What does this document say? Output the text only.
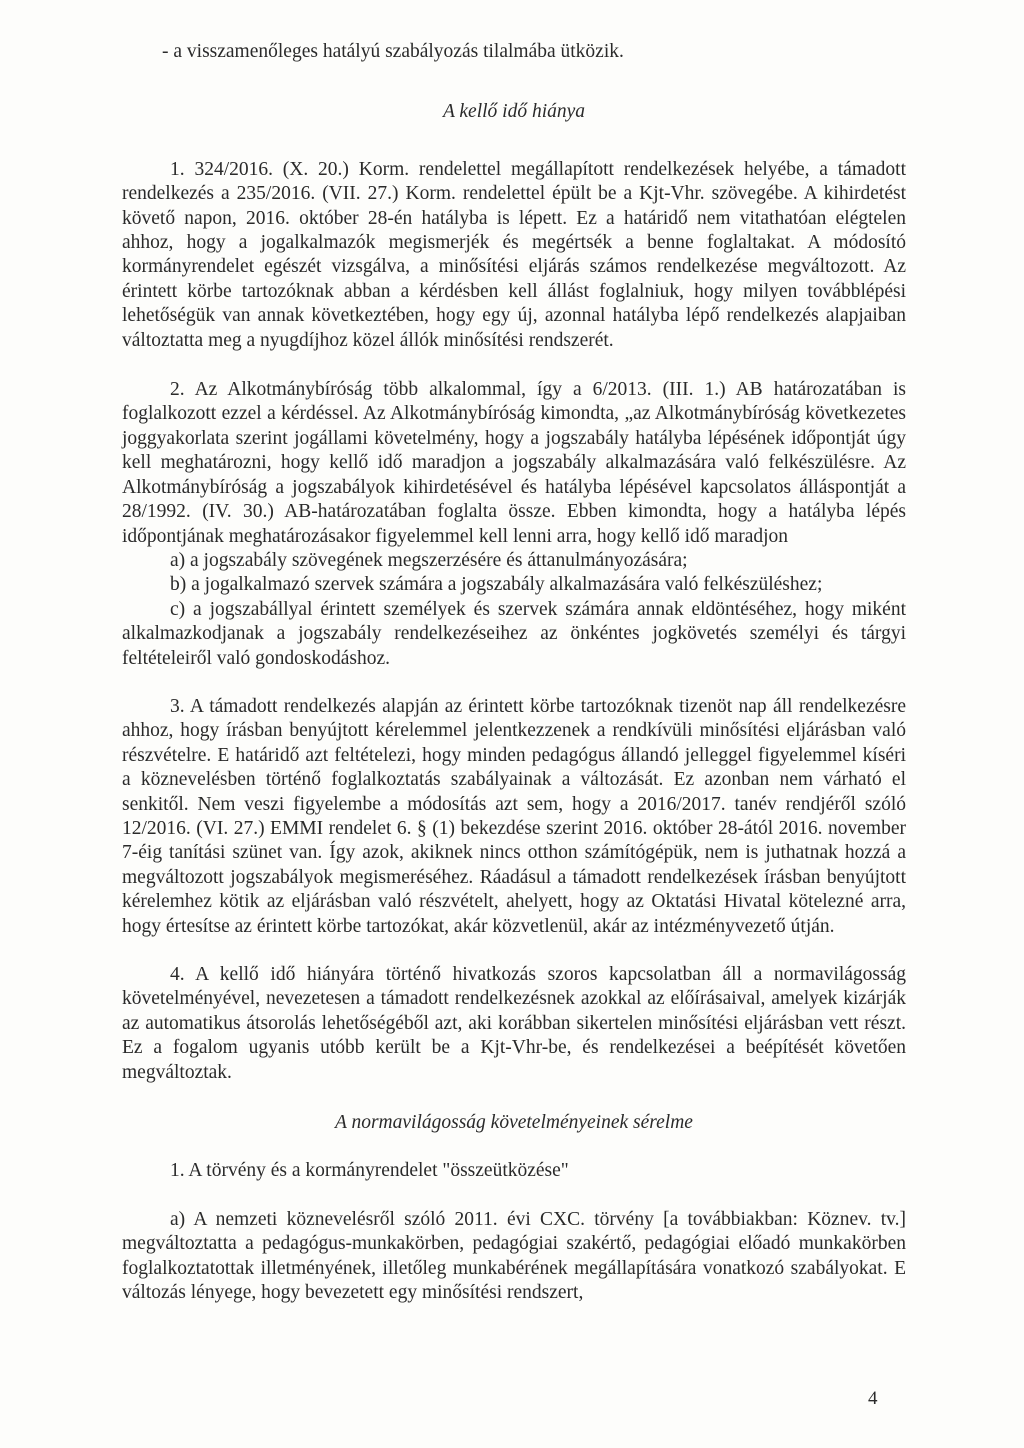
- a visszamenőleges hatályú szabályozás tilalmába ütközik.

A kellő idő hiánya

1. 324/2016. (X. 20.) Korm. rendelettel megállapított rendelkezések helyébe, a támadott rendelkezés a 235/2016. (VII. 27.) Korm. rendelettel épült be a Kjt-Vhr. szövegébe. A kihirdetést követő napon, 2016. október 28-én hatályba is lépett. Ez a határidő nem vitathatóan elégtelen ahhoz, hogy a jogalkalmazók megismerjék és megértsék a benne foglaltakat. A módosító kormányrendelet egészét vizsgálva, a minősítési eljárás számos rendelkezése megváltozott. Az érintett körbe tartozóknak abban a kérdésben kell állást foglalniuk, hogy milyen továbblépési lehetőségük van annak következtében, hogy egy új, azonnal hatályba lépő rendelkezés alapjaiban változtatta meg a nyugdíjhoz közel állók minősítési rendszerét.

2. Az Alkotmánybíróság több alkalommal, így a 6/2013. (III. 1.) AB határozatában is foglalkozott ezzel a kérdéssel. Az Alkotmánybíróság kimondta, „az Alkotmánybíróság következetes joggyakorlata szerint jogállami követelmény, hogy a jogszabály hatályba lépésének időpontját úgy kell meghatározni, hogy kellő idő maradjon a jogszabály alkalmazására való felkészülésre. Az Alkotmánybíróság a jogszabályok kihirdetésével és hatályba lépésével kapcsolatos álláspontját a 28/1992. (IV. 30.) AB-határozatában foglalta össze. Ebben kimondta, hogy a hatályba lépés időpontjának meghatározásakor figyelemmel kell lenni arra, hogy kellő idő maradjon

a) a jogszabály szövegének megszerzésére és áttanulmányozására;

b) a jogalkalmazó szervek számára a jogszabály alkalmazására való felkészüléshez;

c) a jogszabállyal érintett személyek és szervek számára annak eldöntéséhez, hogy miként alkalmazkodjanak a jogszabály rendelkezéseihez az önkéntes jogkövetés személyi és tárgyi feltételeiről való gondoskodáshoz.

3. A támadott rendelkezés alapján az érintett körbe tartozóknak tizenöt nap áll rendelkezésre ahhoz, hogy írásban benyújtott kérelemmel jelentkezzenek a rendkívüli minősítési eljárásban való részvételre. E határidő azt feltételezi, hogy minden pedagógus állandó jelleggel figyelemmel kíséri a köznevelésben történő foglalkoztatás szabályainak a változását. Ez azonban nem várható el senkitől. Nem veszi figyelembe a módosítás azt sem, hogy a 2016/2017. tanév rendjéről szóló 12/2016. (VI. 27.) EMMI rendelet 6. § (1) bekezdése szerint 2016. október 28-ától 2016. november 7-éig tanítási szünet van. Így azok, akiknek nincs otthon számítógépük, nem is juthatnak hozzá a megváltozott jogszabályok megismeréséhez. Ráadásul a támadott rendelkezések írásban benyújtott kérelemhez kötik az eljárásban való részvételt, ahelyett, hogy az Oktatási Hivatal kötelezné arra, hogy értesítse az érintett körbe tartozókat, akár közvetlenül, akár az intézményvezető útján.

4. A kellő idő hiányára történő hivatkozás szoros kapcsolatban áll a normavilágosság követelményével, nevezetesen a támadott rendelkezésnek azokkal az előírásaival, amelyek kizárják az automatikus átsorolás lehetőségéből azt, aki korábban sikertelen minősítési eljárásban vett részt. Ez a fogalom ugyanis utóbb került be a Kjt-Vhr-be, és rendelkezései a beépítését követően megváltoztak.

A normavilágosság követelményeinek sérelme

1. A törvény és a kormányrendelet "összeütközése"

a) A nemzeti köznevelésről szóló 2011. évi CXC. törvény [a továbbiakban: Köznev. tv.] megváltoztatta a pedagógus-munkakörben, pedagógiai szakértő, pedagógiai előadó munkakörben foglalkoztatottak illetményének, illetőleg munkabérének megállapítására vonatkozó szabályokat. E változás lényege, hogy bevezetett egy minősítési rendszert,

4
